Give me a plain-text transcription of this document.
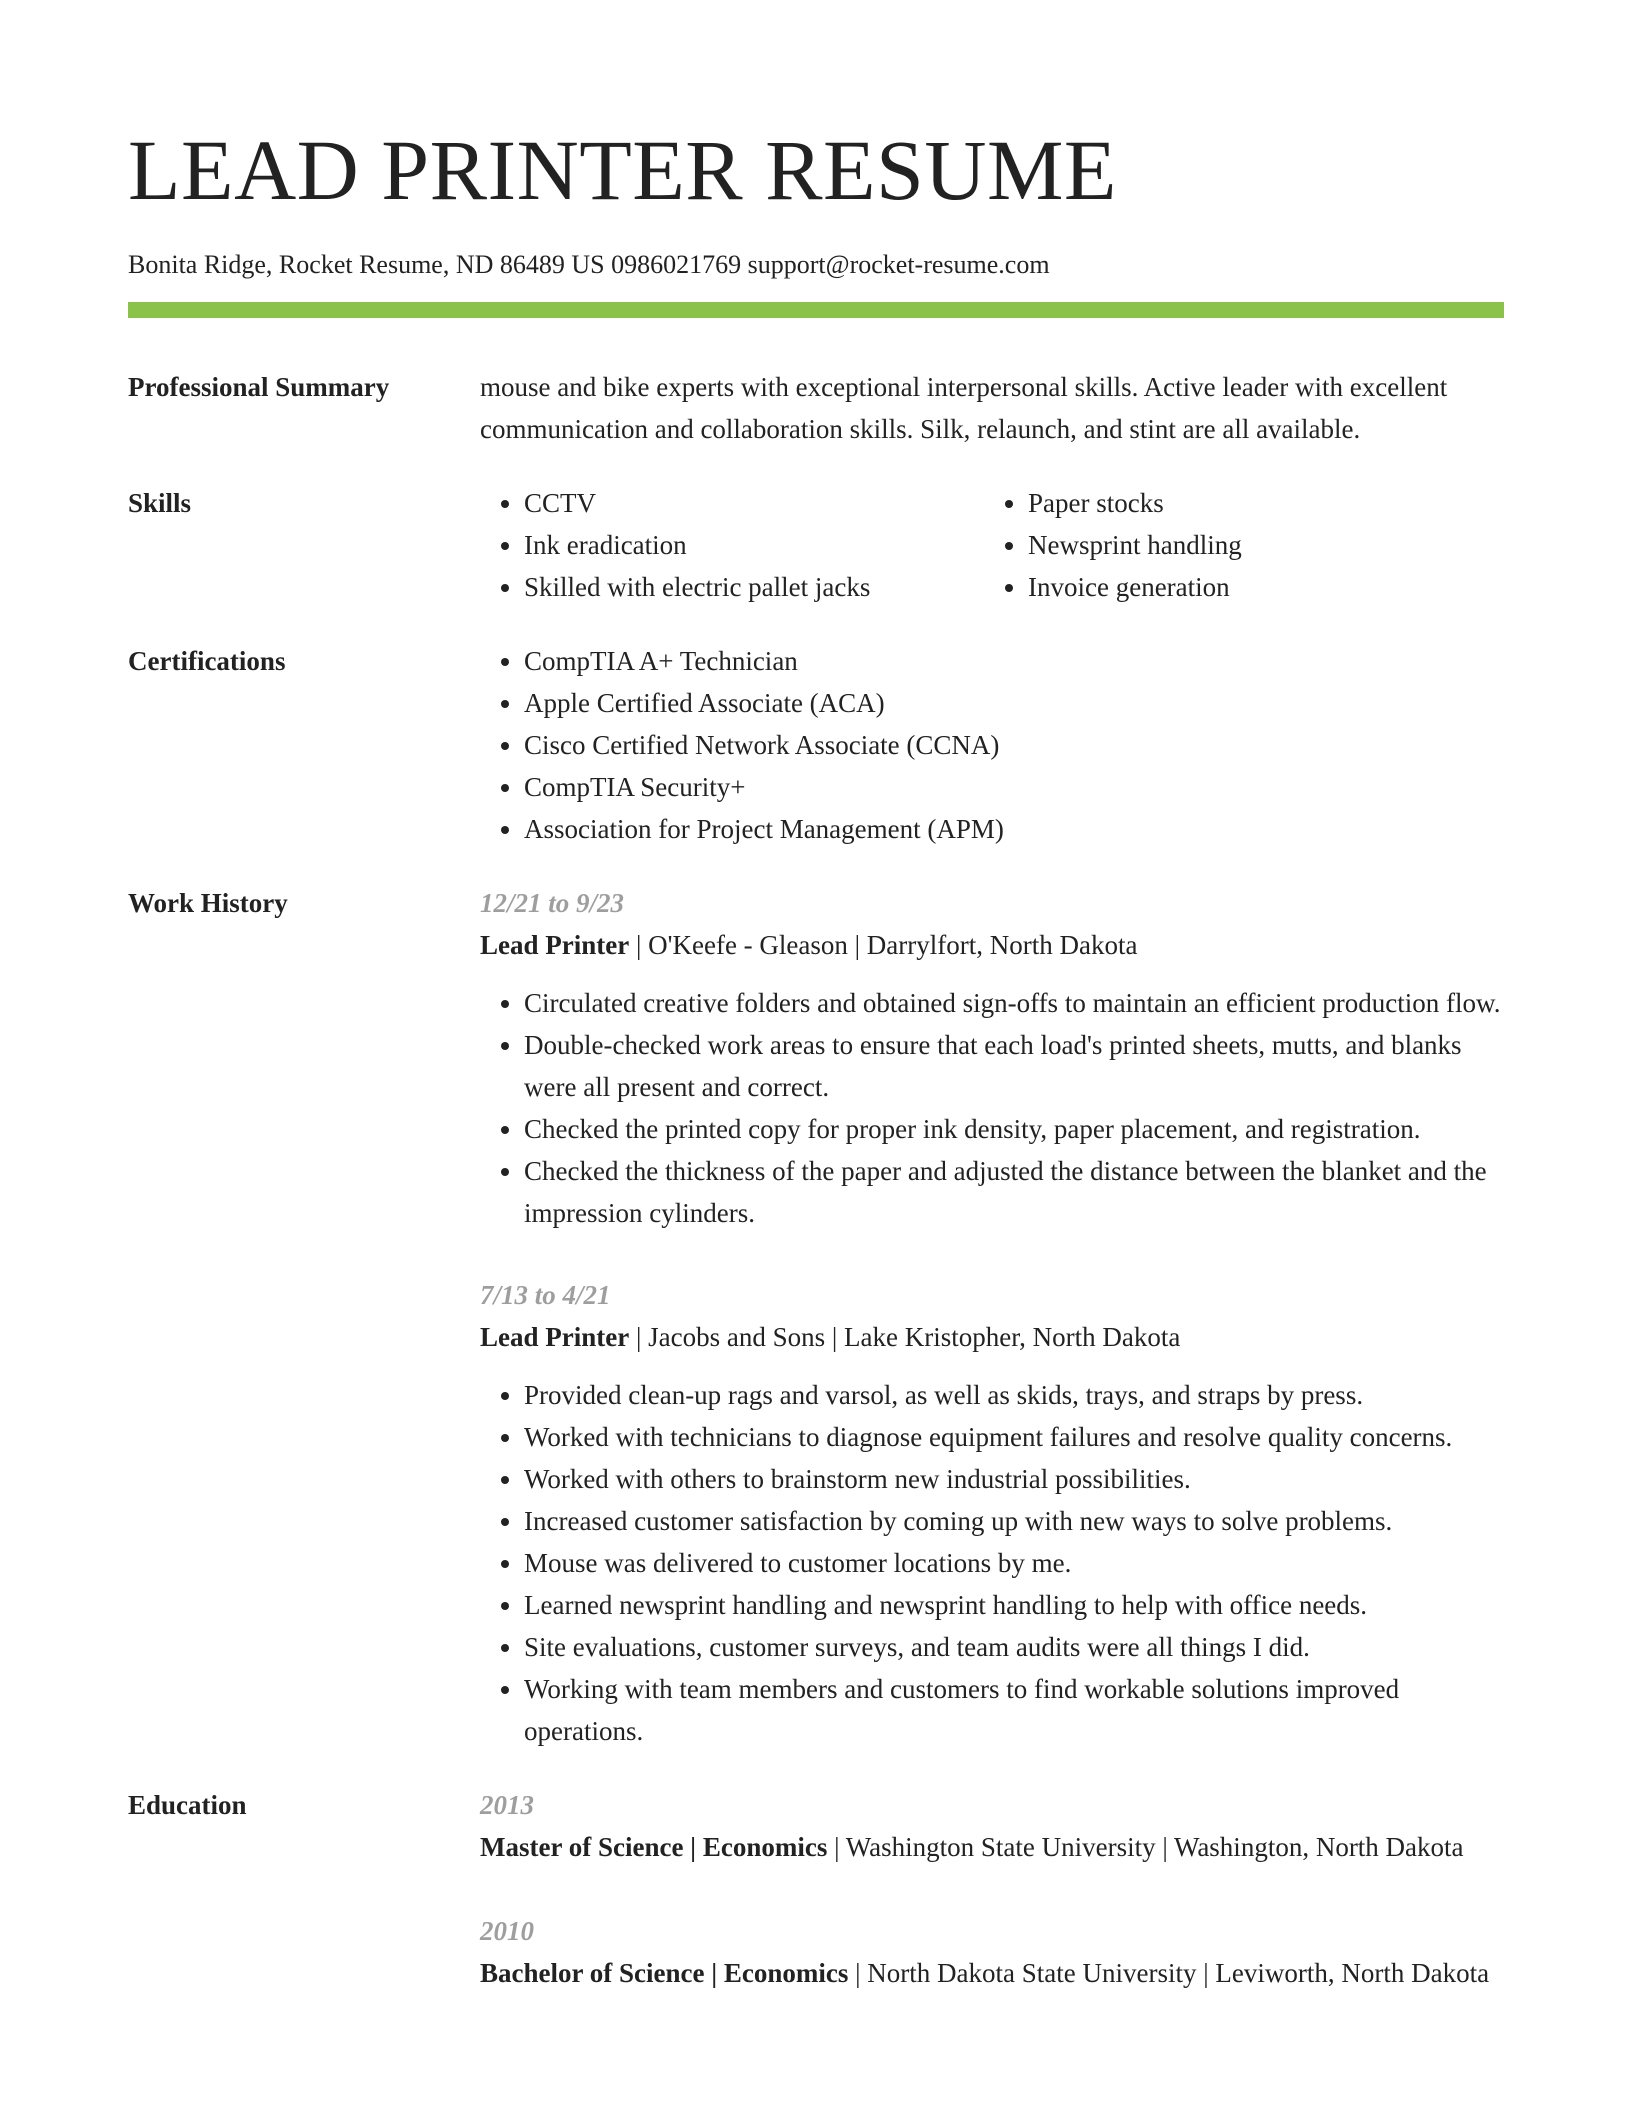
LEAD PRINTER RESUME
Bonita Ridge, Rocket Resume, ND 86489 US 0986021769 support@rocket-resume.com
Professional Summary	mouse and bike experts with exceptional interpersonal skills. Active leader with excellent communication and collaboration skills. Silk, relaunch, and stint are all available.

Skills	• CCTV
• Ink eradication
• Skilled with electric pallet jacks
• Paper stocks
• Newsprint handling
• Invoice generation
Certifications	• CompTIA A+ Technician
• Apple Certified Associate (ACA)
• Cisco Certified Network Associate (CCNA)
• CompTIA Security+
• Association for Project Management (APM)
Work History	12/21 to 9/23
Lead Printer | O'Keefe - Gleason | Darrylfort, North Dakota
• Circulated creative folders and obtained sign-offs to maintain an efficient production flow.
• Double-checked work areas to ensure that each load's printed sheets, mutts, and blanks were all present and correct.
• Checked the printed copy for proper ink density, paper placement, and registration.
• Checked the thickness of the paper and adjusted the distance between the blanket and the impression cylinders.
7/13 to 4/21
Lead Printer | Jacobs and Sons | Lake Kristopher, North Dakota
• Provided clean-up rags and varsol, as well as skids, trays, and straps by press.
• Worked with technicians to diagnose equipment failures and resolve quality concerns.
• Worked with others to brainstorm new industrial possibilities.
• Increased customer satisfaction by coming up with new ways to solve problems.
• Mouse was delivered to customer locations by me.
• Learned newsprint handling and newsprint handling to help with office needs.
• Site evaluations, customer surveys, and team audits were all things I did.
• Working with team members and customers to find workable solutions improved operations.
Education	2013
Master of Science | Economics | Washington State University | Washington, North Dakota
2010
Bachelor of Science | Economics | North Dakota State University | Leviworth, North Dakota
